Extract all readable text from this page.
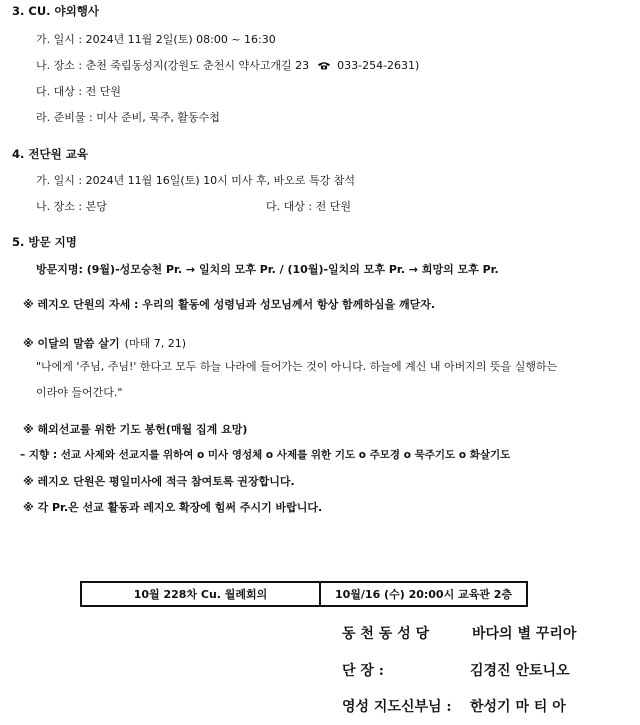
3. CU. 야외행사
가. 일시 : 2024년 11월 2일(토) 08:00 ~ 16:30
나. 장소 : 춘천 죽림동성지(강원도 춘천시 약사고개길 23	033-254-2631)
다. 대상 : 전 단원
라. 준비물 : 미사 준비, 묵주, 활동수첩
4. 전단원 교육
가. 일시 : 2024년 11월 16일(토) 10시 미사 후, 바오로 특강 참석
나. 장소 : 본당	다. 대상 : 전 단원
5. 방문 지명
방문지명: (9월)-성모승천 Pr. → 일치의 모후 Pr. / (10월)-일치의 모후 Pr. → 희망의 모후 Pr.
※ 레지오 단원의 자세 : 우리의 활동에 성령님과 성모님께서 항상 함께하심을 깨닫자.
※ 이달의 말씀 살기 (마태 7, 21)
"나에게 '주님, 주님!' 한다고 모두 하늘 나라에 들어가는 것이 아니다. 하늘에 계신 내 아버지의 뜻을 실행하는
이라야 들어간다."
※ 해외선교를 위한 기도 봉헌(매월 집계 요망)
– 지향 : 선교 사제와 선교지를 위하여 o 미사 영성체 o 사제를 위한 기도 o 주모경 o 묵주기도 o 화살기도
※ 레지오 단원은 평일미사에 적극 참여토록 권장합니다.
※ 각 Pr.은 선교 활동과 레지오 확장에 힘써 주시기 바랍니다.
10월 228차 Cu. 월례회의	10월/16 (수) 20:00시 교육관 2층
동 천 동 성 당	바다의 별 꾸리아
단 장 :	김경진 안토니오
영성 지도신부님 : 한성기 마 티 아
